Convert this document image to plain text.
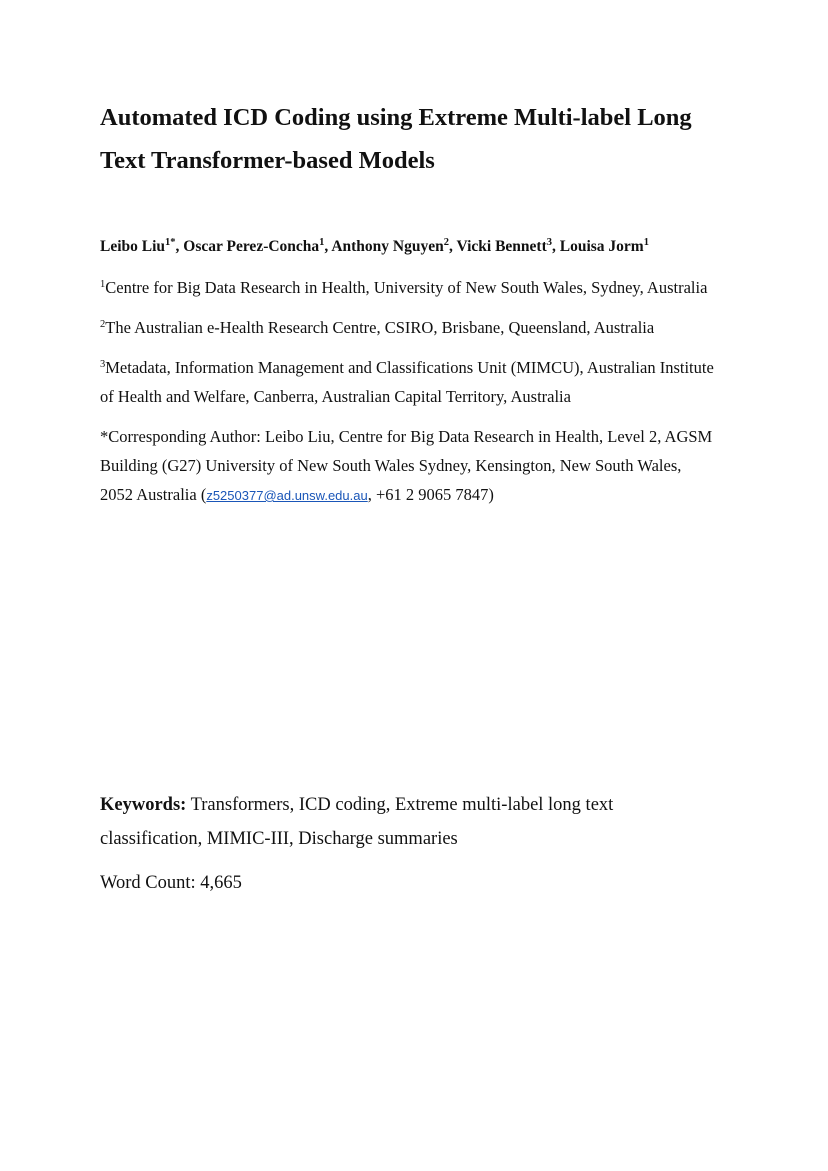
Automated ICD Coding using Extreme Multi-label Long
Text Transformer-based Models
Leibo Liu$^{1*}$, Oscar Perez-Concha$^1$, Anthony Nguyen$^2$, Vicki Bennett$^3$, Louisa Jorm$^1$
$^1$Centre for Big Data Research in Health, University of New South Wales, Sydney, Australia
$^2$The Australian e-Health Research Centre, CSIRO, Brisbane, Queensland, Australia
$^3$Metadata, Information Management and Classifications Unit (MIMCU), Australian Institute
of Health and Welfare, Canberra, Australian Capital Territory, Australia
*Corresponding Author: Leibo Liu, Centre for Big Data Research in Health, Level 2, AGSM
Building (G27) University of New South Wales Sydney, Kensington, New South Wales,
2052 Australia (z5250377@ad.unsw.edu.au, +61 2 9065 7847)
Keywords: Transformers, ICD coding, Extreme multi-label long text
classification, MIMIC-III, Discharge summaries
Word Count: 4,665
